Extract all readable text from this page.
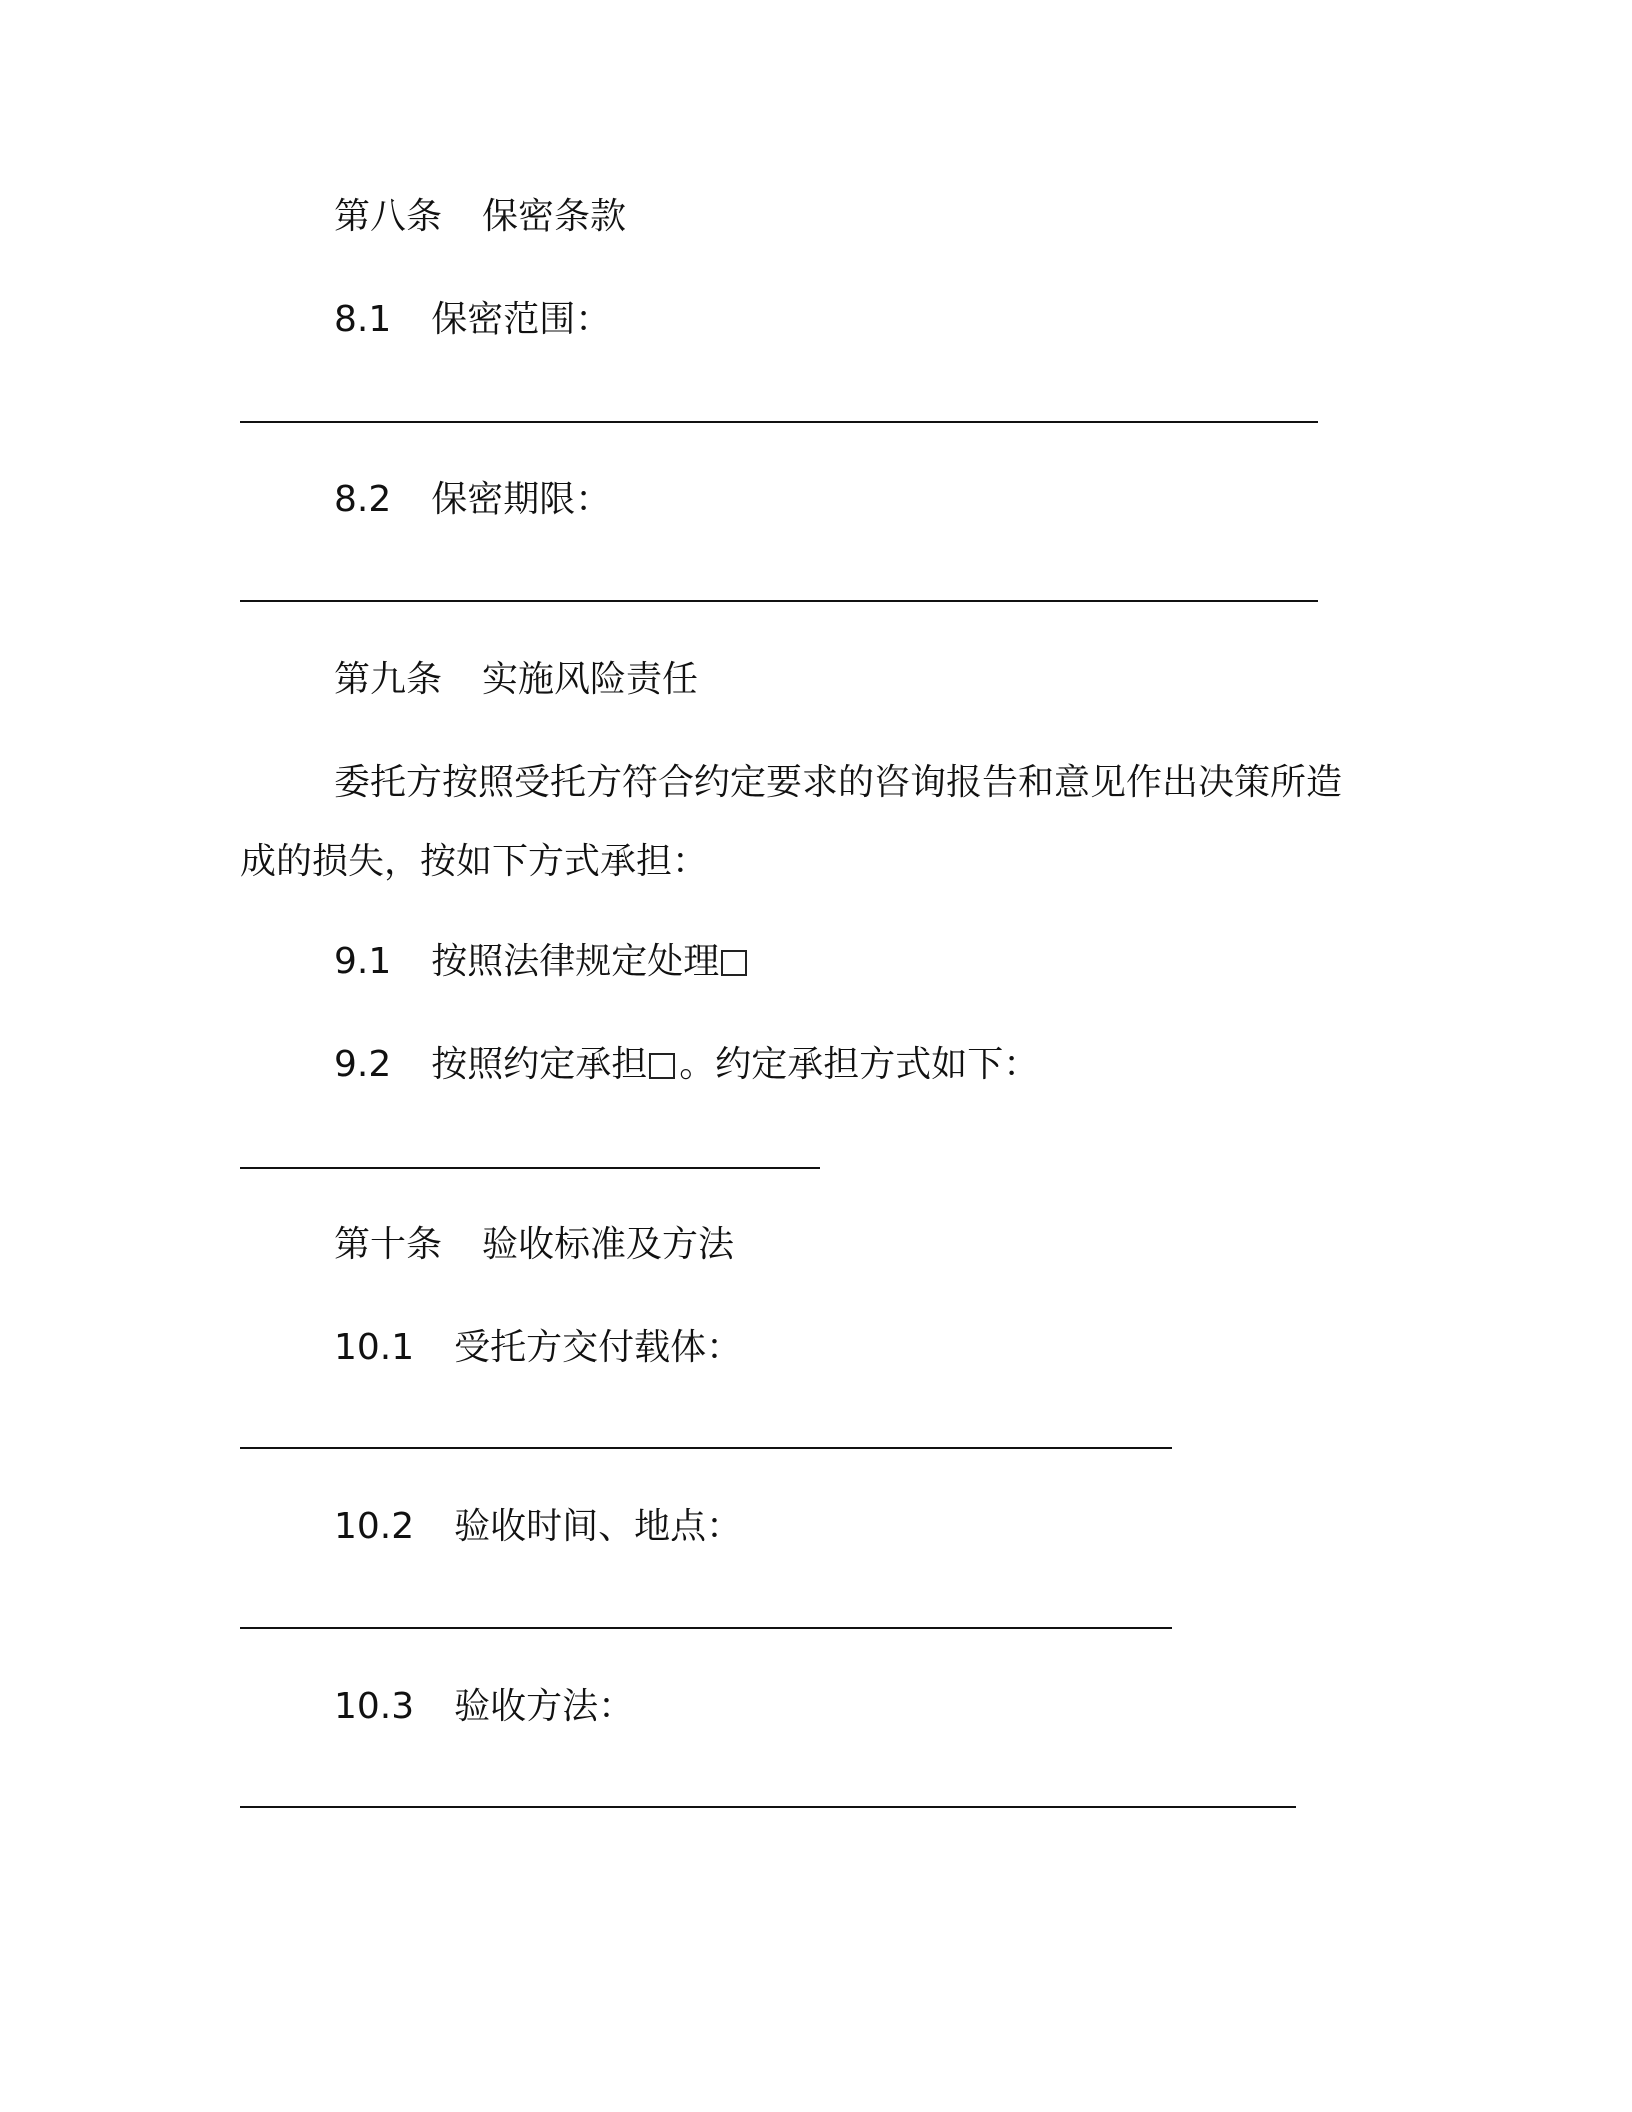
第八条 保密条款
8.1 保密范围：
8.2 保密期限：
第九条 实施风险责任
委托方按照受托方符合约定要求的咨询报告和意见作出决策所造
成的损失，按如下方式承担：
9.1 按照法律规定处理
9.2 按照约定承担 。约定承担方式如下：
第十条 验收标准及方法
10.1 受托方交付载体：
10.2 验收时间、地点：
10.3 验收方法：
